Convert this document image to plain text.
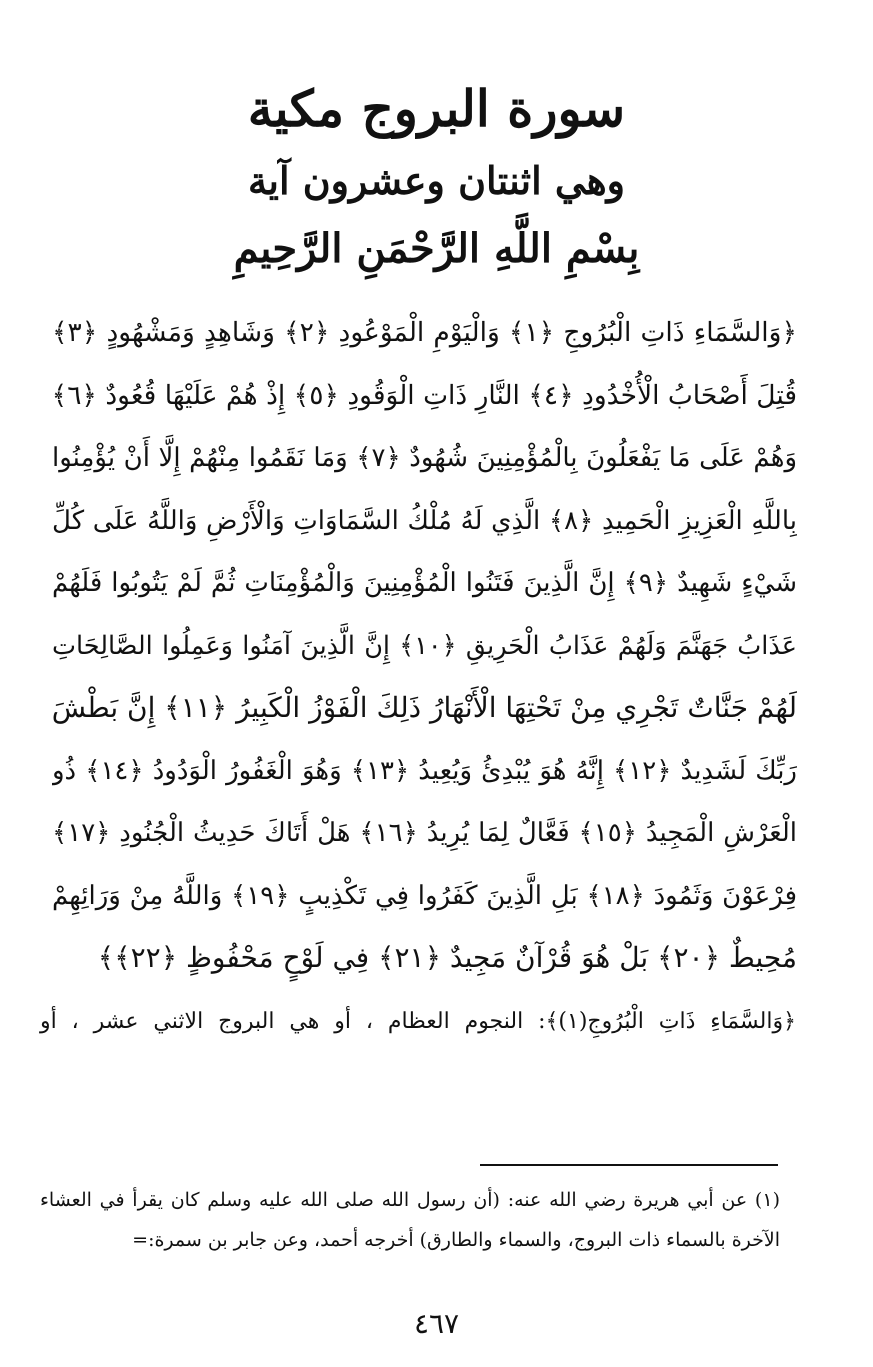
سورة البروج مكية
وهي اثنتان وعشرون آية
بِسْمِ اللَّهِ الرَّحْمَنِ الرَّحِيمِ
﴿وَالسَّمَاءِ ذَاتِ الْبُرُوجِ ﴿١﴾ وَالْيَوْمِ الْمَوْعُودِ ﴿٢﴾ وَشَاهِدٍ وَمَشْهُودٍ ﴿٣﴾
قُتِلَ أَصْحَابُ الْأُخْدُودِ ﴿٤﴾ النَّارِ ذَاتِ الْوَقُودِ ﴿٥﴾ إِذْ هُمْ عَلَيْهَا قُعُودٌ ﴿٦﴾
وَهُمْ عَلَى مَا يَفْعَلُونَ بِالْمُؤْمِنِينَ شُهُودٌ ﴿٧﴾ وَمَا نَقَمُوا مِنْهُمْ إِلَّا أَنْ يُؤْمِنُوا
بِاللَّهِ الْعَزِيزِ الْحَمِيدِ ﴿٨﴾ الَّذِي لَهُ مُلْكُ السَّمَاوَاتِ وَالْأَرْضِ وَاللَّهُ عَلَى كُلِّ
شَيْءٍ شَهِيدٌ ﴿٩﴾ إِنَّ الَّذِينَ فَتَنُوا الْمُؤْمِنِينَ وَالْمُؤْمِنَاتِ ثُمَّ لَمْ يَتُوبُوا فَلَهُمْ
عَذَابُ جَهَنَّمَ وَلَهُمْ عَذَابُ الْحَرِيقِ ﴿١٠﴾ إِنَّ الَّذِينَ آمَنُوا وَعَمِلُوا الصَّالِحَاتِ
لَهُمْ جَنَّاتٌ تَجْرِي مِنْ تَحْتِهَا الْأَنْهَارُ ذَلِكَ الْفَوْزُ الْكَبِيرُ ﴿١١﴾ إِنَّ بَطْشَ
رَبِّكَ لَشَدِيدٌ ﴿١٢﴾ إِنَّهُ هُوَ يُبْدِئُ وَيُعِيدُ ﴿١٣﴾ وَهُوَ الْغَفُورُ الْوَدُودُ ﴿١٤﴾ ذُو
الْعَرْشِ الْمَجِيدُ ﴿١٥﴾ فَعَّالٌ لِمَا يُرِيدُ ﴿١٦﴾ هَلْ أَتَاكَ حَدِيثُ الْجُنُودِ ﴿١٧﴾
فِرْعَوْنَ وَثَمُودَ ﴿١٨﴾ بَلِ الَّذِينَ كَفَرُوا فِي تَكْذِيبٍ ﴿١٩﴾ وَاللَّهُ مِنْ وَرَائِهِمْ
مُحِيطٌ ﴿٢٠﴾ بَلْ هُوَ قُرْآنٌ مَجِيدٌ ﴿٢١﴾ فِي لَوْحٍ مَحْفُوظٍ ﴿٢٢﴾﴾
﴿وَالسَّمَاءِ ذَاتِ الْبُرُوجِ(١)﴾: النجوم العظام ، أو هي البروج الاثني عشر ، أو
(١) عن أبي هريرة رضي الله عنه: (أن رسول الله صلى الله عليه وسلم كان يقرأ في العشاء
الآخرة بالسماء ذات البروج، والسماء والطارق) أخرجه أحمد، وعن جابر بن سمرة:=
٤٦٧
